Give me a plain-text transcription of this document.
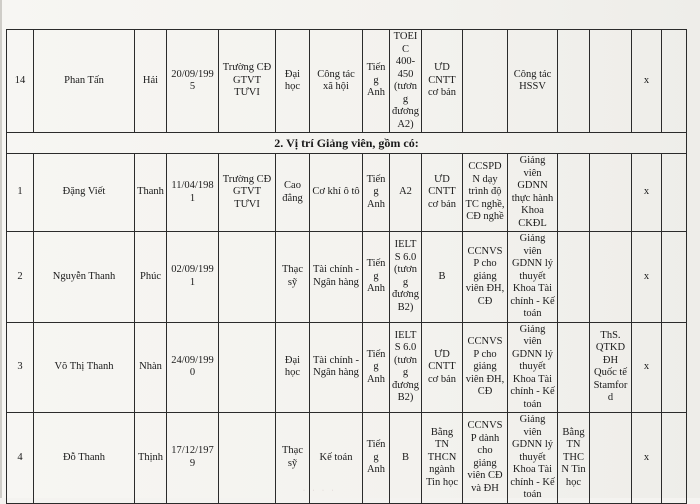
14	Phan Tấn	Hải	20/09/1995	Trường CĐ GTVT TƯVI	Đại học	Công tác xã hội	Tiếng Anh	TOEIC 400-450 (tương đương A2)	ƯD CNTT cơ bản		Công tác HSSV			x	
2. Vị trí Giảng viên, gồm có:															
1	Đặng Viết	Thanh	11/04/1981	Trường CĐ GTVT TƯVI	Cao đẳng	Cơ khí ô tô	Tiếng Anh	A2	ƯD CNTT cơ bản	CCSPDN dạy trình độ TC nghề, CĐ nghề	Giảng viên GDNN thực hành Khoa CKĐL			x	
2	Nguyễn Thanh	Phúc	02/09/1991		Thạc sỹ	Tài chính - Ngân hàng	Tiếng Anh	IELTS 6.0 (tương đương B2)	B	CCNVSP cho giảng viên ĐH, CĐ	Giảng viên GDNN lý thuyết Khoa Tài chính - Kế toán			x	
3	Võ Thị Thanh	Nhàn	24/09/1990		Đại học	Tài chính - Ngân hàng	Tiếng Anh	IELTS 6.0 (tương đương B2)	ƯD CNTT cơ bản	CCNVSP cho giảng viên ĐH, CĐ	Giảng viên GDNN lý thuyết Khoa Tài chính - Kế toán		ThS. QTKD ĐH Quốc tế Stamford	x	
4	Đỗ Thanh	Thịnh	17/12/1979		Thạc sỹ	Kế toán	Tiếng Anh	B	Bằng TN THCN ngành Tin học	CCNVSP dành cho giảng viên CĐ và ĐH	Giảng viên GDNN lý thuyết Khoa Tài chính - Kế toán	Bằng TN THCN Tin học		x	
· · · ·
